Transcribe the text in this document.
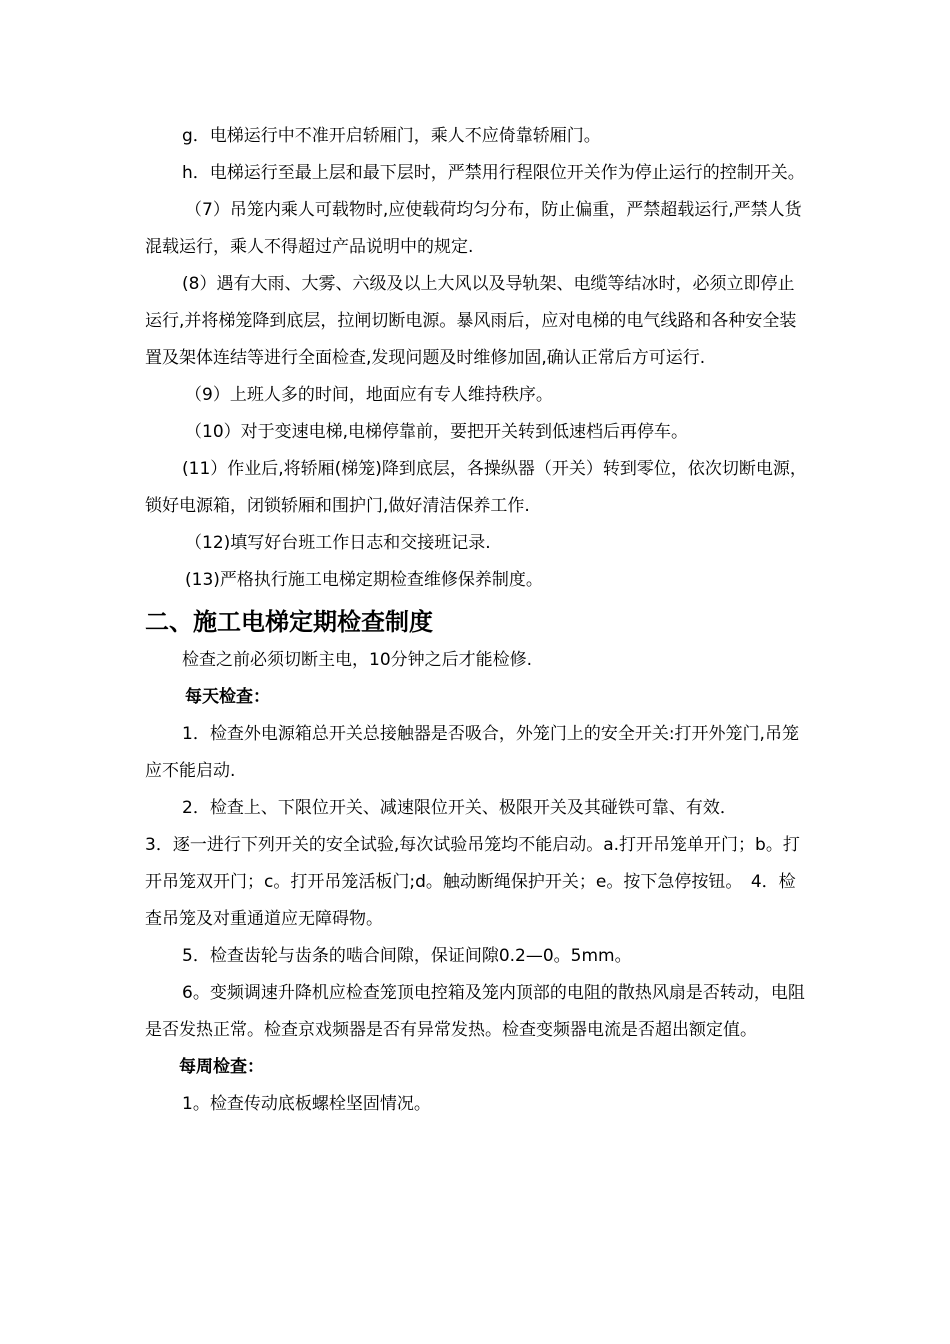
g．电梯运行中不准开启轿厢门，乘人不应倚靠轿厢门。

h．电梯运行至最上层和最下层时，严禁用行程限位开关作为停止运行的控制开关。

（7）吊笼内乘人可载物时,应使载荷均匀分布，防止偏重，严禁超载运行,严禁人货混载运行，乘人不得超过产品说明中的规定.

(8）遇有大雨、大雾、六级及以上大风以及导轨架、电缆等结冰时，必须立即停止运行,并将梯笼降到底层，拉闸切断电源。暴风雨后，应对电梯的电气线路和各种安全装置及架体连结等进行全面检查,发现问题及时维修加固,确认正常后方可运行.

（9）上班人多的时间，地面应有专人维持秩序。

（10）对于变速电梯,电梯停靠前，要把开关转到低速档后再停车。

(11）作业后,将轿厢(梯笼)降到底层，各操纵器（开关）转到零位，依次切断电源，锁好电源箱，闭锁轿厢和围护门,做好清洁保养工作.

（12)填写好台班工作日志和交接班记录.

(13)严格执行施工电梯定期检查维修保养制度。

二、施工电梯定期检查制度

检查之前必须切断主电，10分钟之后才能检修.

每天检查：

1．检查外电源箱总开关总接触器是否吸合，外笼门上的安全开关:打开外笼门,吊笼应不能启动.

2．检查上、下限位开关、减速限位开关、极限开关及其碰铁可靠、有效．

3．逐一进行下列开关的安全试验,每次试验吊笼均不能启动。a.打开吊笼单开门；b。打开吊笼双开门；c。打开吊笼活板门;d。触动断绳保护开关；e。按下急停按钮。　4．检查吊笼及对重通道应无障碍物。

5．检查齿轮与齿条的啮合间隙，保证间隙0.2—0。5mm。

6。变频调速升降机应检查笼顶电控箱及笼内顶部的电阻的散热风扇是否转动，电阻是否发热正常。检查京戏频器是否有异常发热。检查变频器电流是否超出额定值。

每周检查：

1。检查传动底板螺栓坚固情况。
